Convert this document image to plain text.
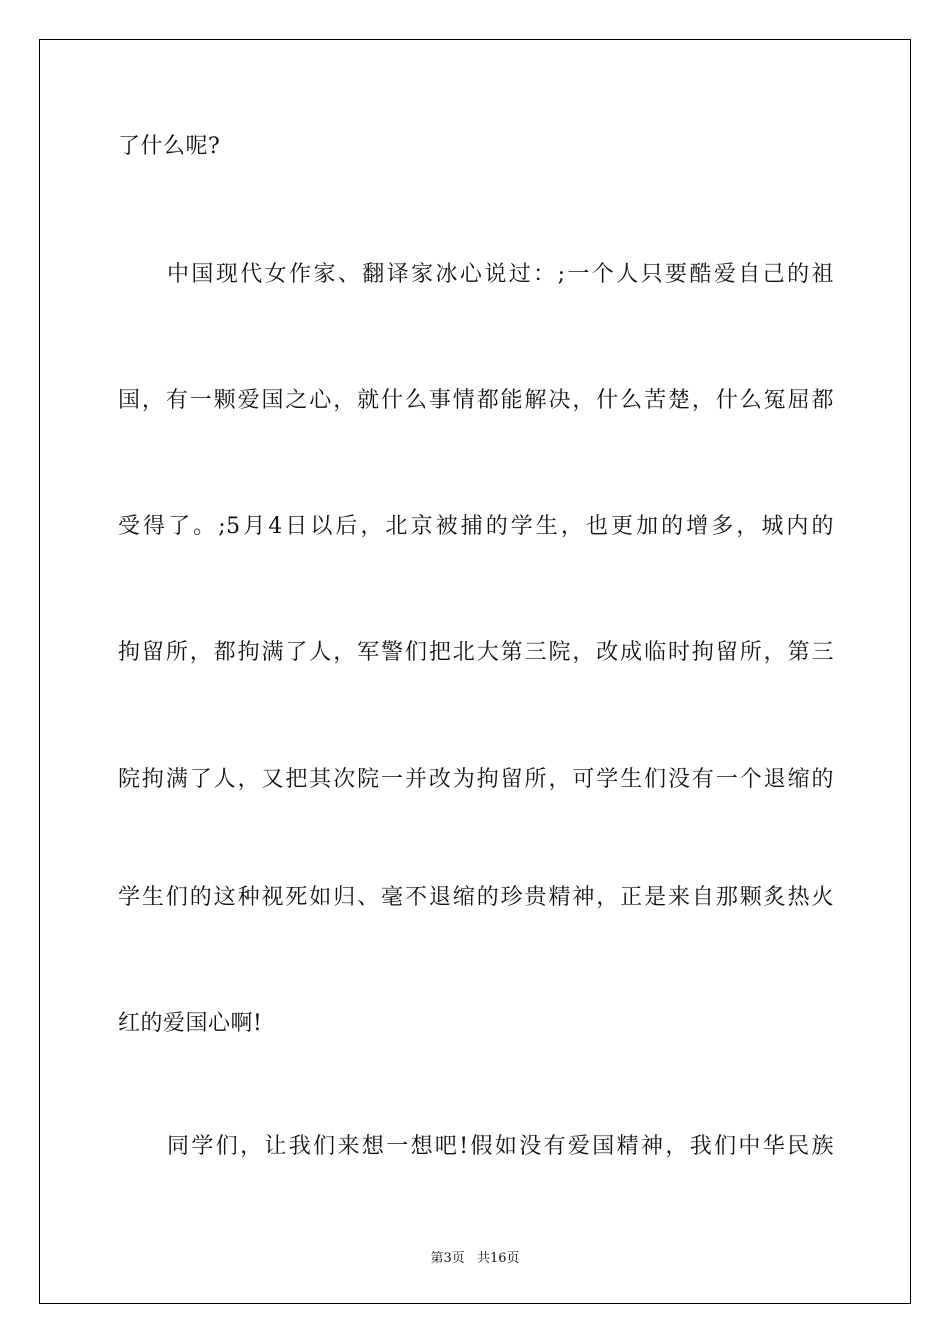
了什么呢?
中国现代女作家、翻译家冰心说过：;一个人只要酷爱自己的祖
国，有一颗爱国之心，就什么事情都能解决，什么苦楚，什么冤屈都
受得了。;5月4日以后，北京被捕的学生，也更加的增多，城内的
拘留所，都拘满了人，军警们把北大第三院，改成临时拘留所，第三
院拘满了人，又把其次院一并改为拘留所，可学生们没有一个退缩的
学生们的这种视死如归、毫不退缩的珍贵精神，正是来自那颗炙热火
红的爱国心啊!
同学们，让我们来想一想吧!假如没有爱国精神，我们中华民族
第3页 共16页
